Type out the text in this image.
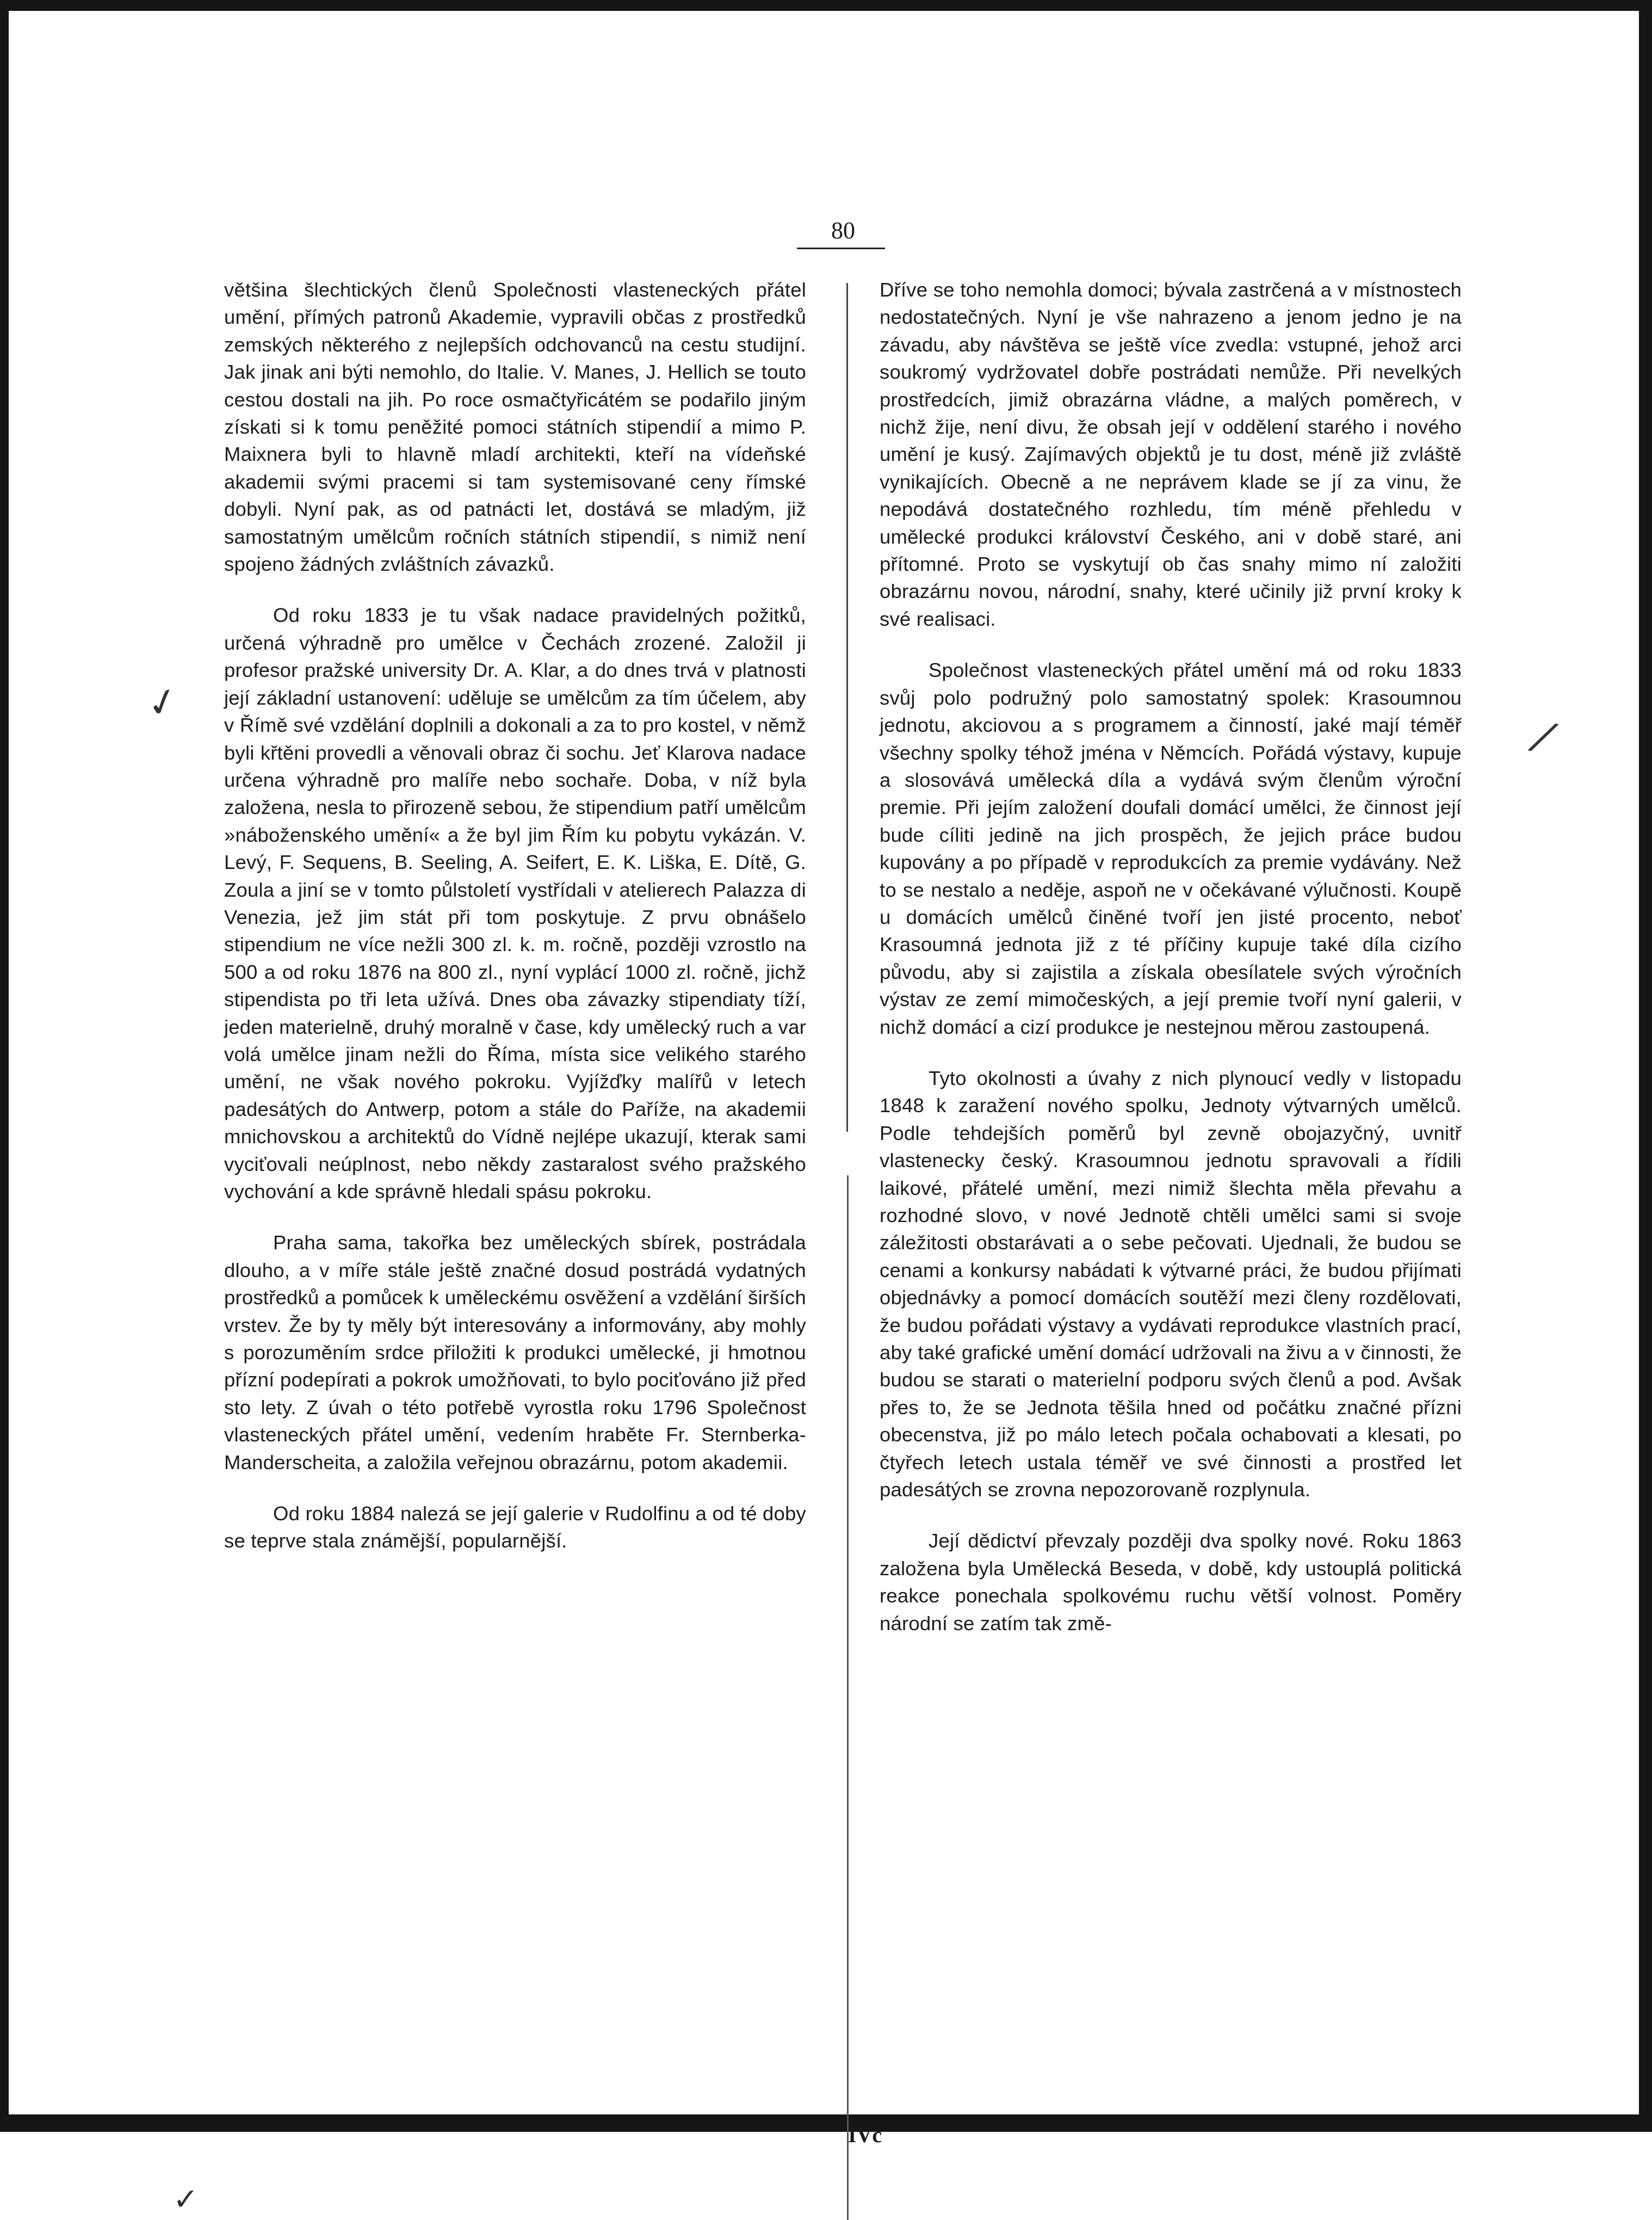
80

většina šlechtických členů Společnosti vlasteneckých přátel umění, přímých patronů Akademie, vypravili občas z prostředků zemských některého z nejlepších odchovanců na cestu studijní. Jak jinak ani býti nemohlo, do Italie. V. Manes, J. Hellich se touto cestou dostali na jih. Po roce osmačtyřicátém se podařilo jiným získati si k tomu peněžité pomoci státních stipendií a mimo P. Maixnera byli to hlavně mladí architekti, kteří na vídeňské akademii svými pracemi si tam systemisované ceny římské dobyli. Nyní pak, as od patnácti let, dostává se mladým, již samostatným umělcům ročních státních stipendií, s nimiž není spojeno žádných zvláštních závazků.

Od roku 1833 je tu však nadace pravidelných požitků, určená výhradně pro umělce v Čechách zrozené. Založil ji profesor pražské university Dr. A. Klar, a do dnes trvá v platnosti její základní ustanovení: uděluje se umělcům za tím účelem, aby v Římě své vzdělání doplnili a dokonali a za to pro kostel, v němž byli křtěni provedli a věnovali obraz či sochu. Jeť Klarova nadace určena výhradně pro malíře nebo sochaře. Doba, v níž byla založena, nesla to přirozeně sebou, že stipendium patří umělcům »náboženského umění« a že byl jim Řím ku pobytu vykázán. V. Levý, F. Sequens, B. Seeling, A. Seifert, E. K. Liška, E. Dítě, G. Zoula a jiní se v tomto půlstoletí vystřídali v atelierech Palazza di Venezia, jež jim stát při tom poskytuje. Z prvu obnášelo stipendium ne více nežli 300 zl. k. m. ročně, později vzrostlo na 500 a od roku 1876 na 800 zl., nyní vyplácí 1000 zl. ročně, jichž stipendista po tři leta užívá. Dnes oba závazky stipendiaty tíží, jeden materielně, druhý moralně v čase, kdy umělecký ruch a var volá umělce jinam nežli do Říma, místa sice velikého starého umění, ne však nového pokroku. Vyjížďky malířů v letech padesátých do Antwerp, potom a stále do Paříže, na akademii mnichovskou a architektů do Vídně nejlépe ukazují, kterak sami vyciťovali neúplnost, nebo někdy zastaralost svého pražského vychování a kde správně hledali spásu pokroku.

Praha sama, takořka bez uměleckých sbírek, postrádala dlouho, a v míře stále ještě značné dosud postrádá vydatných prostředků a pomůcek k uměleckému osvěžení a vzdělání širších vrstev. Že by ty měly být interesovány a informovány, aby mohly s porozuměním srdce přiložiti k produkci umělecké, ji hmotnou přízní podepírati a pokrok umožňovati, to bylo pociťováno již před sto lety. Z úvah o této potřebě vyrostla roku 1796 Společnost vlasteneckých přátel umění, vedením hraběte Fr. Sternberka-Manderscheita, a založila veřejnou obrazárnu, potom akademii.

Od roku 1884 nalezá se její galerie v Rudolfinu a od té doby se teprve stala známější, popularnější.

Dříve se toho nemohla domoci; bývala zastrčená a v místnostech nedostatečných. Nyní je vše nahrazeno a jenom jedno je na závadu, aby návštěva se ještě více zvedla: vstupné, jehož arci soukromý vydržovatel dobře postrádati nemůže. Při nevelkých prostředcích, jimiž obrazárna vládne, a malých poměrech, v nichž žije, není divu, že obsah její v oddělení starého i nového umění je kusý. Zajímavých objektů je tu dost, méně již zvláště vynikajících. Obecně a ne neprávem klade se jí za vinu, že nepodává dostatečného rozhledu, tím méně přehledu v umělecké produkci království Českého, ani v době staré, ani přítomné. Proto se vyskytují ob čas snahy mimo ní založiti obrazárnu novou, národní, snahy, které učinily již první kroky k své realisaci.

Společnost vlasteneckých přátel umění má od roku 1833 svůj polo podružný polo samostatný spolek: Krasoumnou jednotu, akciovou a s programem a činností, jaké mají téměř všechny spolky téhož jména v Němcích. Pořádá výstavy, kupuje a slosovává umělecká díla a vydává svým členům výroční premie. Při jejím založení doufali domácí umělci, že činnost její bude cíliti jedině na jich prospěch, že jejich práce budou kupovány a po případě v reprodukcích za premie vydávány. Než to se nestalo a neděje, aspoň ne v očekávané výlučnosti. Koupě u domácích umělců činěné tvoří jen jisté procento, neboť Krasoumná jednota již z té příčiny kupuje také díla cizího původu, aby si zajistila a získala obesílatele svých výročních výstav ze zemí mimočeských, a její premie tvoří nyní galerii, v nichž domácí a cizí produkce je nestejnou měrou zastoupená.

Tyto okolnosti a úvahy z nich plynoucí vedly v listopadu 1848 k zaražení nového spolku, Jednoty výtvarných umělců. Podle tehdejších poměrů byl zevně obojazyčný, uvnitř vlastenecky český. Krasoumnou jednotu spravovali a řídili laikové, přátelé umění, mezi nimiž šlechta měla převahu a rozhodné slovo, v nové Jednotě chtěli umělci sami si svoje záležitosti obstarávati a o sebe pečovati. Ujednali, že budou se cenami a konkursy nabádati k výtvarné práci, že budou přijímati objednávky a pomocí domácích soutěží mezi členy rozdělovati, že budou pořádati výstavy a vydávati reprodukce vlastních prací, aby také grafické umění domácí udržovali na živu a v činnosti, že budou se starati o materielní podporu svých členů a pod. Avšak přes to, že se Jednota těšila hned od počátku značné přízni obecenstva, již po málo letech počala ochabovati a klesati, po čtyřech letech ustala téměř ve své činnosti a prostřed let padesátých se zrovna nepozorovaně rozplynula.

Její dědictví převzaly později dva spolky nové. Roku 1863 založena byla Umělecká Beseda, v době, kdy ustouplá politická reakce ponechala spolkovému ruchu větší volnost. Poměry národní se zatím tak změ-

IVc
✓
⁄
✓
